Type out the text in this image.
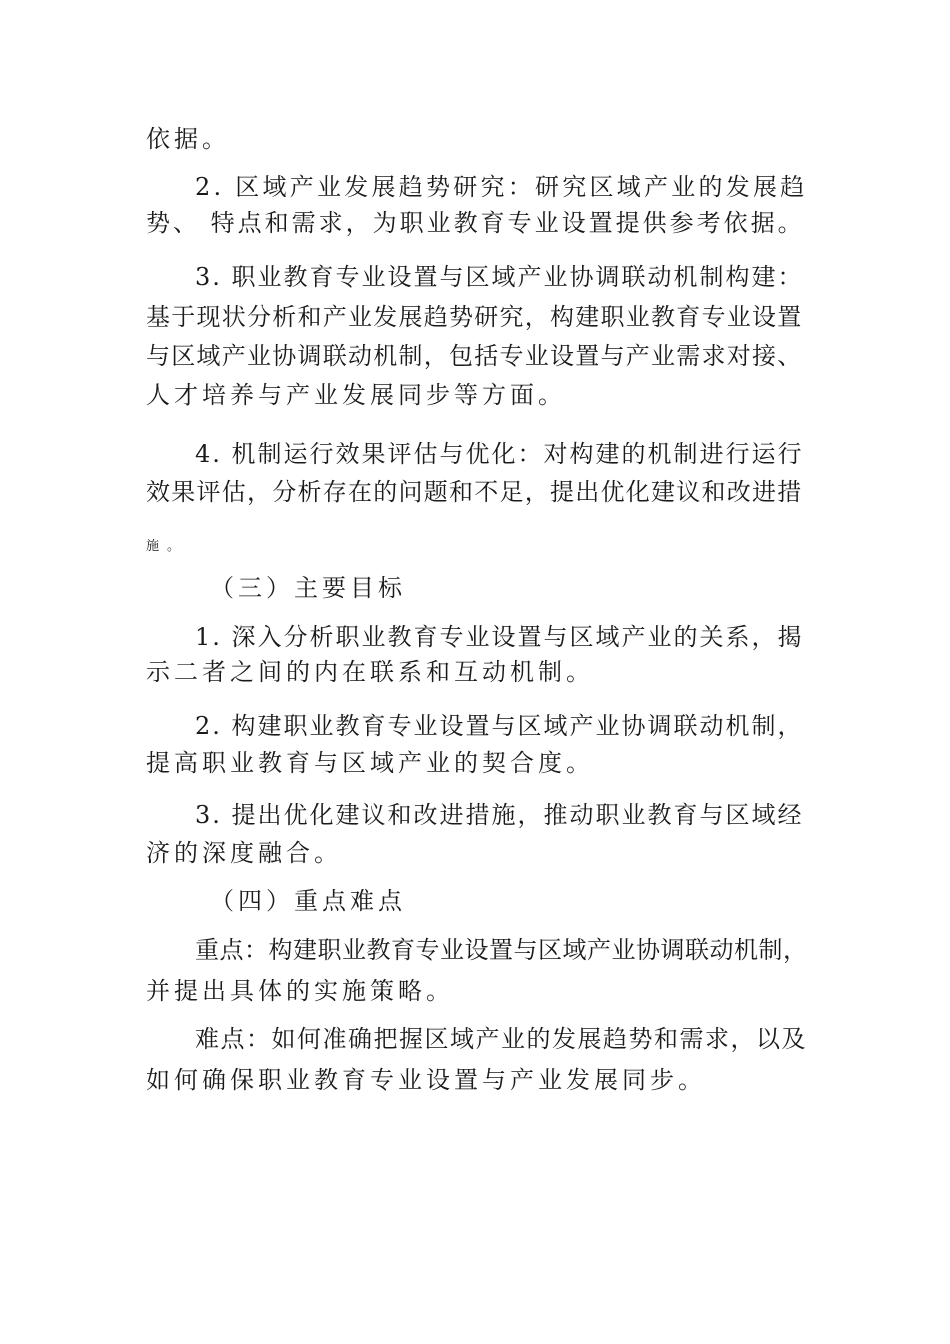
依据。
2. 区域产业发展趋势研究：研究区域产业的发展趋
势、 特点和需求，为职业教育专业设置提供参考依据。
3. 职业教育专业设置与区域产业协调联动机制构建：
基于现状分析和产业发展趋势研究，构建职业教育专业设置
与区域产业协调联动机制，包括专业设置与产业需求对接、
人才培养与产业发展同步等方面。
4. 机制运行效果评估与优化：对构建的机制进行运行
效果评估，分析存在的问题和不足，提出优化建议和改进措
施。
（三）主要目标
1. 深入分析职业教育专业设置与区域产业的关系，揭
示二者之间的内在联系和互动机制。
2. 构建职业教育专业设置与区域产业协调联动机制，
提高职业教育与区域产业的契合度。
3. 提出优化建议和改进措施，推动职业教育与区域经
济的深度融合。
（四）重点难点
重点：构建职业教育专业设置与区域产业协调联动机制，
并提出具体的实施策略。
难点：如何准确把握区域产业的发展趋势和需求，以及
如何确保职业教育专业设置与产业发展同步。
